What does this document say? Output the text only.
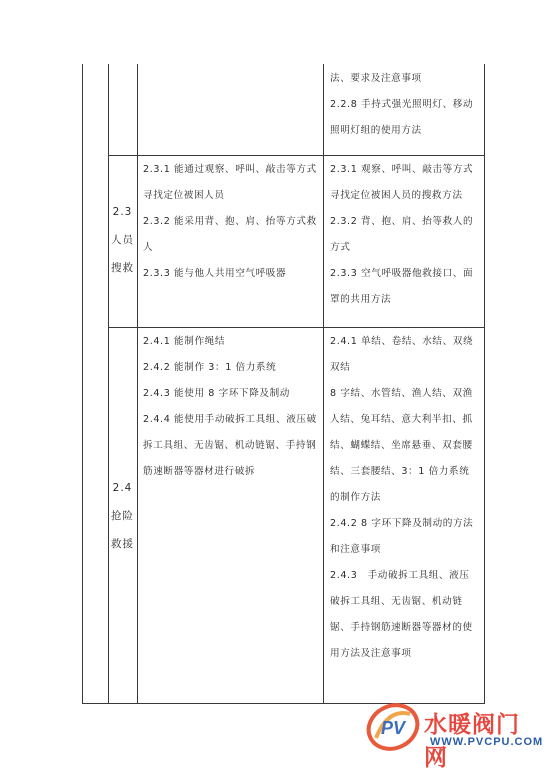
法、要求及注意事项

2.2.8 手持式强光照明灯、移动照明灯组的使用方法

2.3
人员
搜救

2.3.1 能通过观察、呼叫、敲击等方式寻找定位被困人员

2.3.2 能采用背、抱、肩、抬等方式救人

2.3.3 能与他人共用空气呼吸器

2.3.1 观察、呼叫、敲击等方式寻找定位被困人员的搜救方法

2.3.2 背、抱、肩、抬等救人的方式

2.3.3 空气呼吸器他救接口、面罩的共用方法

2.4
抢险
救援

2.4.1 能制作绳结

2.4.2 能制作 3：1 倍力系统

2.4.3 能使用 8 字环下降及制动

2.4.4 能使用手动破拆工具组、液压破拆工具组、无齿锯、机动链锯、手持钢筋速断器等器材进行破拆

2.4.1 单结、卷结、水结、双绕双结

8 字结、水管结、渔人结、双渔人结、兔耳结、意大利半扣、抓结、蝴蝶结、坐席悬垂、双套腰结、三套腰结、3：1 倍力系统的制作方法

2.4.2 8 字环下降及制动的方法和注意事项

2.4.3　手动破拆工具组、液压破拆工具组、无齿锯、机动链锯、手持钢筋速断器等器材的使用方法及注意事项

PV 水暖阀门网
WWW.PVCPU.COM
